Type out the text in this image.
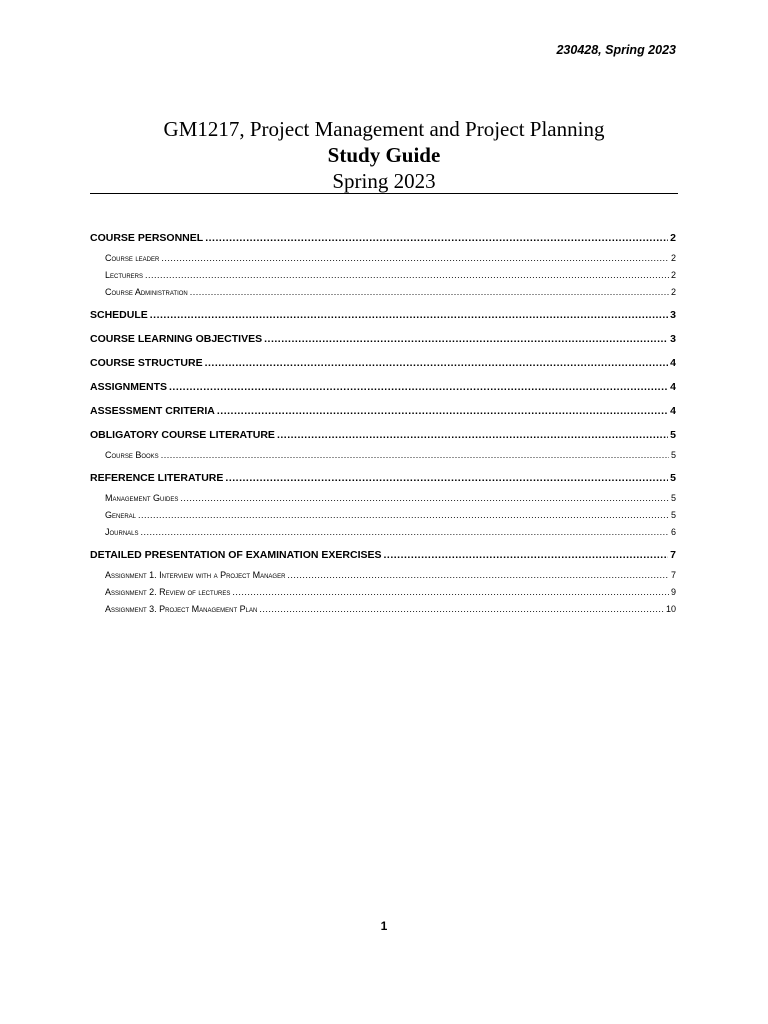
230428, Spring 2023
GM1217, Project Management and Project Planning
Study Guide
Spring 2023
COURSE PERSONNEL .....	2
Course leader .....	2
Lecturers .....	2
Course Administration .....	2
SCHEDULE .....	3
COURSE LEARNING OBJECTIVES .....	3
COURSE STRUCTURE .....	4
ASSIGNMENTS .....	4
ASSESSMENT CRITERIA .....	4
OBLIGATORY COURSE LITERATURE .....	5
Course Books .....	5
REFERENCE LITERATURE .....	5
Management Guides .....	5
General .....	5
Journals .....	6
DETAILED PRESENTATION OF EXAMINATION EXERCISES .....	7
Assignment 1. Interview with a Project Manager .....	7
Assignment 2. Review of lectures .....	9
Assignment 3. Project Management Plan .....	10
1
